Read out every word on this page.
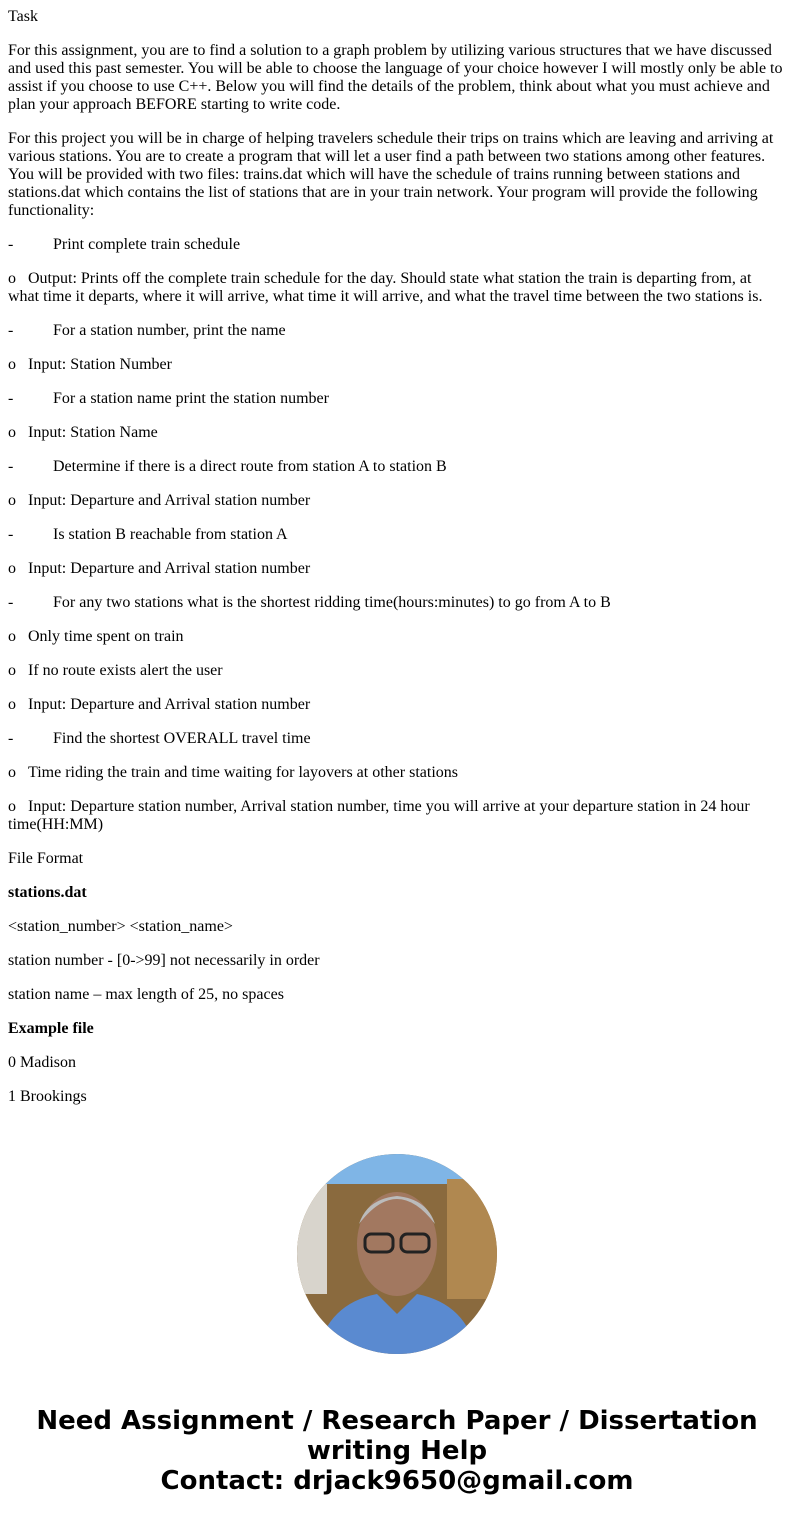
Task

For this assignment, you are to find a solution to a graph problem by utilizing various structures that we have discussed and used this past semester. You will be able to choose the language of your choice however I will mostly only be able to assist if you choose to use C++. Below you will find the details of the problem, think about what you must achieve and plan your approach BEFORE starting to write code.

For this project you will be in charge of helping travelers schedule their trips on trains which are leaving and arriving at various stations. You are to create a program that will let a user find a path between two stations among other features. You will be provided with two files: trains.dat which will have the schedule of trains running between stations and stations.dat which contains the list of stations that are in your train network. Your program will provide the following functionality:

- Print complete train schedule

o Output: Prints off the complete train schedule for the day. Should state what station the train is departing from, at what time it departs, where it will arrive, what time it will arrive, and what the travel time between the two stations is.

- For a station number, print the name

o Input: Station Number

- For a station name print the station number

o Input: Station Name

- Determine if there is a direct route from station A to station B

o Input: Departure and Arrival station number

- Is station B reachable from station A

o Input: Departure and Arrival station number

- For any two stations what is the shortest ridding time(hours:minutes) to go from A to B

o Only time spent on train

o If no route exists alert the user

o Input: Departure and Arrival station number

- Find the shortest OVERALL travel time

o Time riding the train and time waiting for layovers at other stations

o Input: Departure station number, Arrival station number, time you will arrive at your departure station in 24 hour time(HH:MM)

File Format

stations.dat

<station_number> <station_name>

station number - [0->99] not necessarily in order

station name – max length of 25, no spaces

Example file

0 Madison

1 Brookings

Need Assignment / Research Paper / Dissertation writing Help
Contact: drjack9650@gmail.com
